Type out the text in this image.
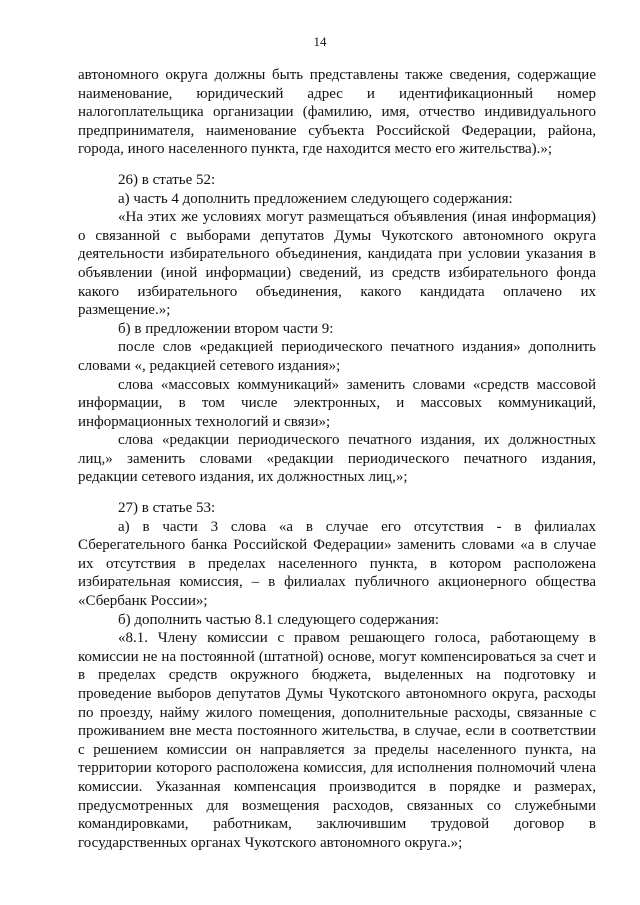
14

автономного округа должны быть представлены также сведения, содержащие наименование, юридический адрес и идентификационный номер налогоплательщика организации (фамилию, имя, отчество индивидуального предпринимателя, наименование субъекта Российской Федерации, района, города, иного населенного пункта, где находится место его жительства).»;

26) в статье 52:

а) часть 4 дополнить предложением следующего содержания:

«На этих же условиях могут размещаться объявления (иная информация) о связанной с выборами депутатов Думы Чукотского автономного округа деятельности избирательного объединения, кандидата при условии указания в объявлении (иной информации) сведений, из средств избирательного фонда какого избирательного объединения, какого кандидата оплачено их размещение.»;

б) в предложении втором части 9:

после слов «редакцией периодического печатного издания» дополнить словами «, редакцией сетевого издания»;

слова «массовых коммуникаций» заменить словами «средств массовой информации, в том числе электронных, и массовых коммуникаций, информационных технологий и связи»;

слова «редакции периодического печатного издания, их должностных лиц,» заменить словами «редакции периодического печатного издания, редакции сетевого издания, их должностных лиц,»;

27) в статье 53:

а) в части 3 слова «а в случае его отсутствия - в филиалах Сберегательного банка Российской Федерации» заменить словами «а в случае их отсутствия в пределах населенного пункта, в котором расположена избирательная комиссия, – в филиалах публичного акционерного общества «Сбербанк России»;

б) дополнить частью 8.1 следующего содержания:

«8.1. Члену комиссии с правом решающего голоса, работающему в комиссии не на постоянной (штатной) основе, могут компенсироваться за счет и в пределах средств окружного бюджета, выделенных на подготовку и проведение выборов депутатов Думы Чукотского автономного округа, расходы по проезду, найму жилого помещения, дополнительные расходы, связанные с проживанием вне места постоянного жительства, в случае, если в соответствии с решением комиссии он направляется за пределы населенного пункта, на территории которого расположена комиссия, для исполнения полномочий члена комиссии. Указанная компенсация производится в порядке и размерах, предусмотренных для возмещения расходов, связанных со служебными командировками, работникам, заключившим трудовой договор в государственных органах Чукотского автономного округа.»;
